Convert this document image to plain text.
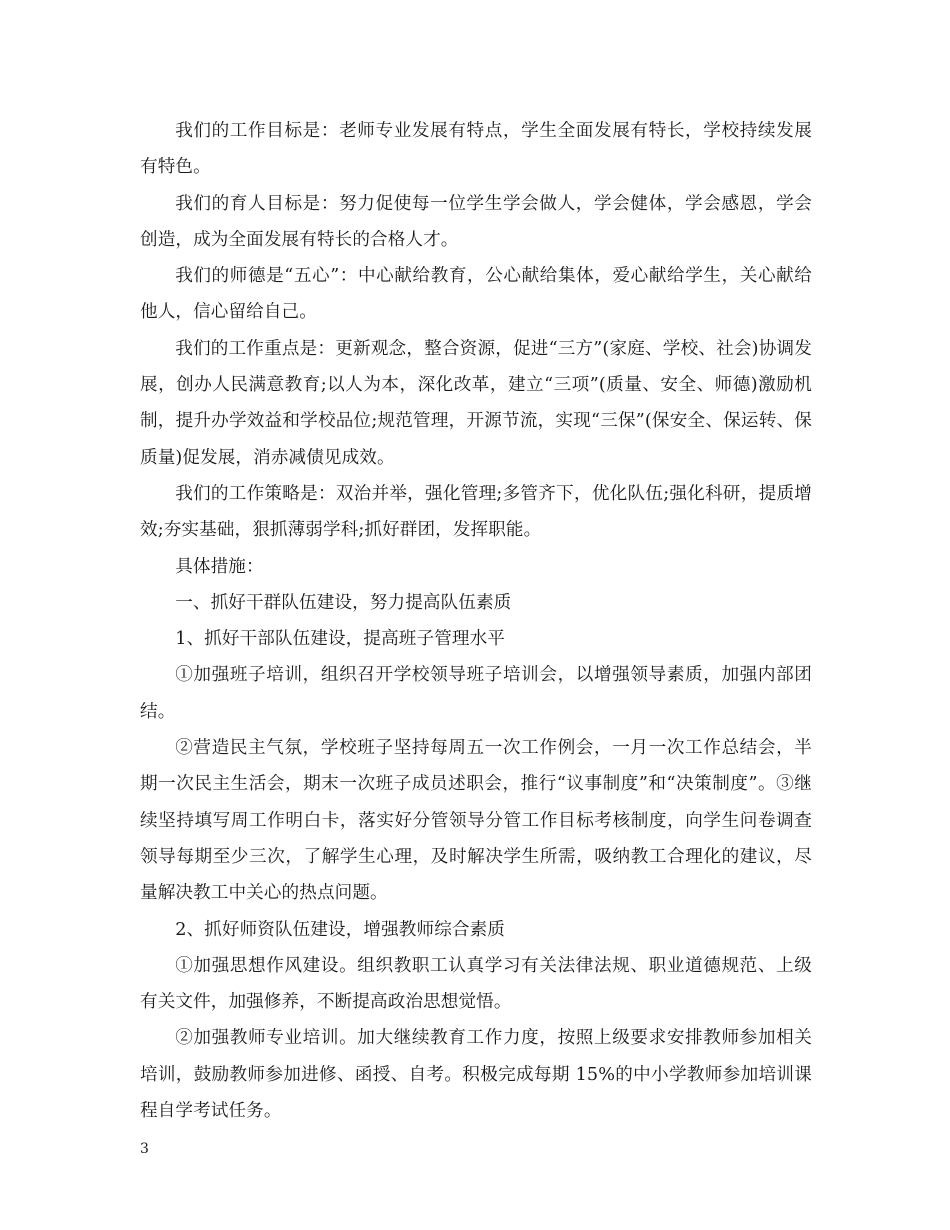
我们的工作目标是：老师专业发展有特点，学生全面发展有特长，学校持续发展有特色。

我们的育人目标是：努力促使每一位学生学会做人，学会健体，学会感恩，学会创造，成为全面发展有特长的合格人才。

我们的师德是“五心”：中心献给教育，公心献给集体，爱心献给学生，关心献给他人，信心留给自己。

我们的工作重点是：更新观念，整合资源，促进“三方”(家庭、学校、社会)协调发展，创办人民满意教育;以人为本，深化改革，建立“三项”(质量、安全、师德)激励机制，提升办学效益和学校品位;规范管理，开源节流，实现“三保”(保安全、保运转、保质量)促发展，消赤减债见成效。

我们的工作策略是：双治并举，强化管理;多管齐下，优化队伍;强化科研，提质增效;夯实基础，狠抓薄弱学科;抓好群团，发挥职能。

具体措施：

一、抓好干群队伍建设，努力提高队伍素质

1、抓好干部队伍建设，提高班子管理水平

①加强班子培训，组织召开学校领导班子培训会，以增强领导素质，加强内部团结。

②营造民主气氛，学校班子坚持每周五一次工作例会，一月一次工作总结会，半期一次民主生活会，期末一次班子成员述职会，推行“议事制度”和“决策制度”。③继续坚持填写周工作明白卡，落实好分管领导分管工作目标考核制度，向学生问卷调查领导每期至少三次，了解学生心理，及时解决学生所需，吸纳教工合理化的建议，尽量解决教工中关心的热点问题。

2、抓好师资队伍建设，增强教师综合素质

①加强思想作风建设。组织教职工认真学习有关法律法规、职业道德规范、上级有关文件，加强修养，不断提高政治思想觉悟。

②加强教师专业培训。加大继续教育工作力度，按照上级要求安排教师参加相关培训，鼓励教师参加进修、函授、自考。积极完成每期 15%的中小学教师参加培训课程自学考试任务。

3
